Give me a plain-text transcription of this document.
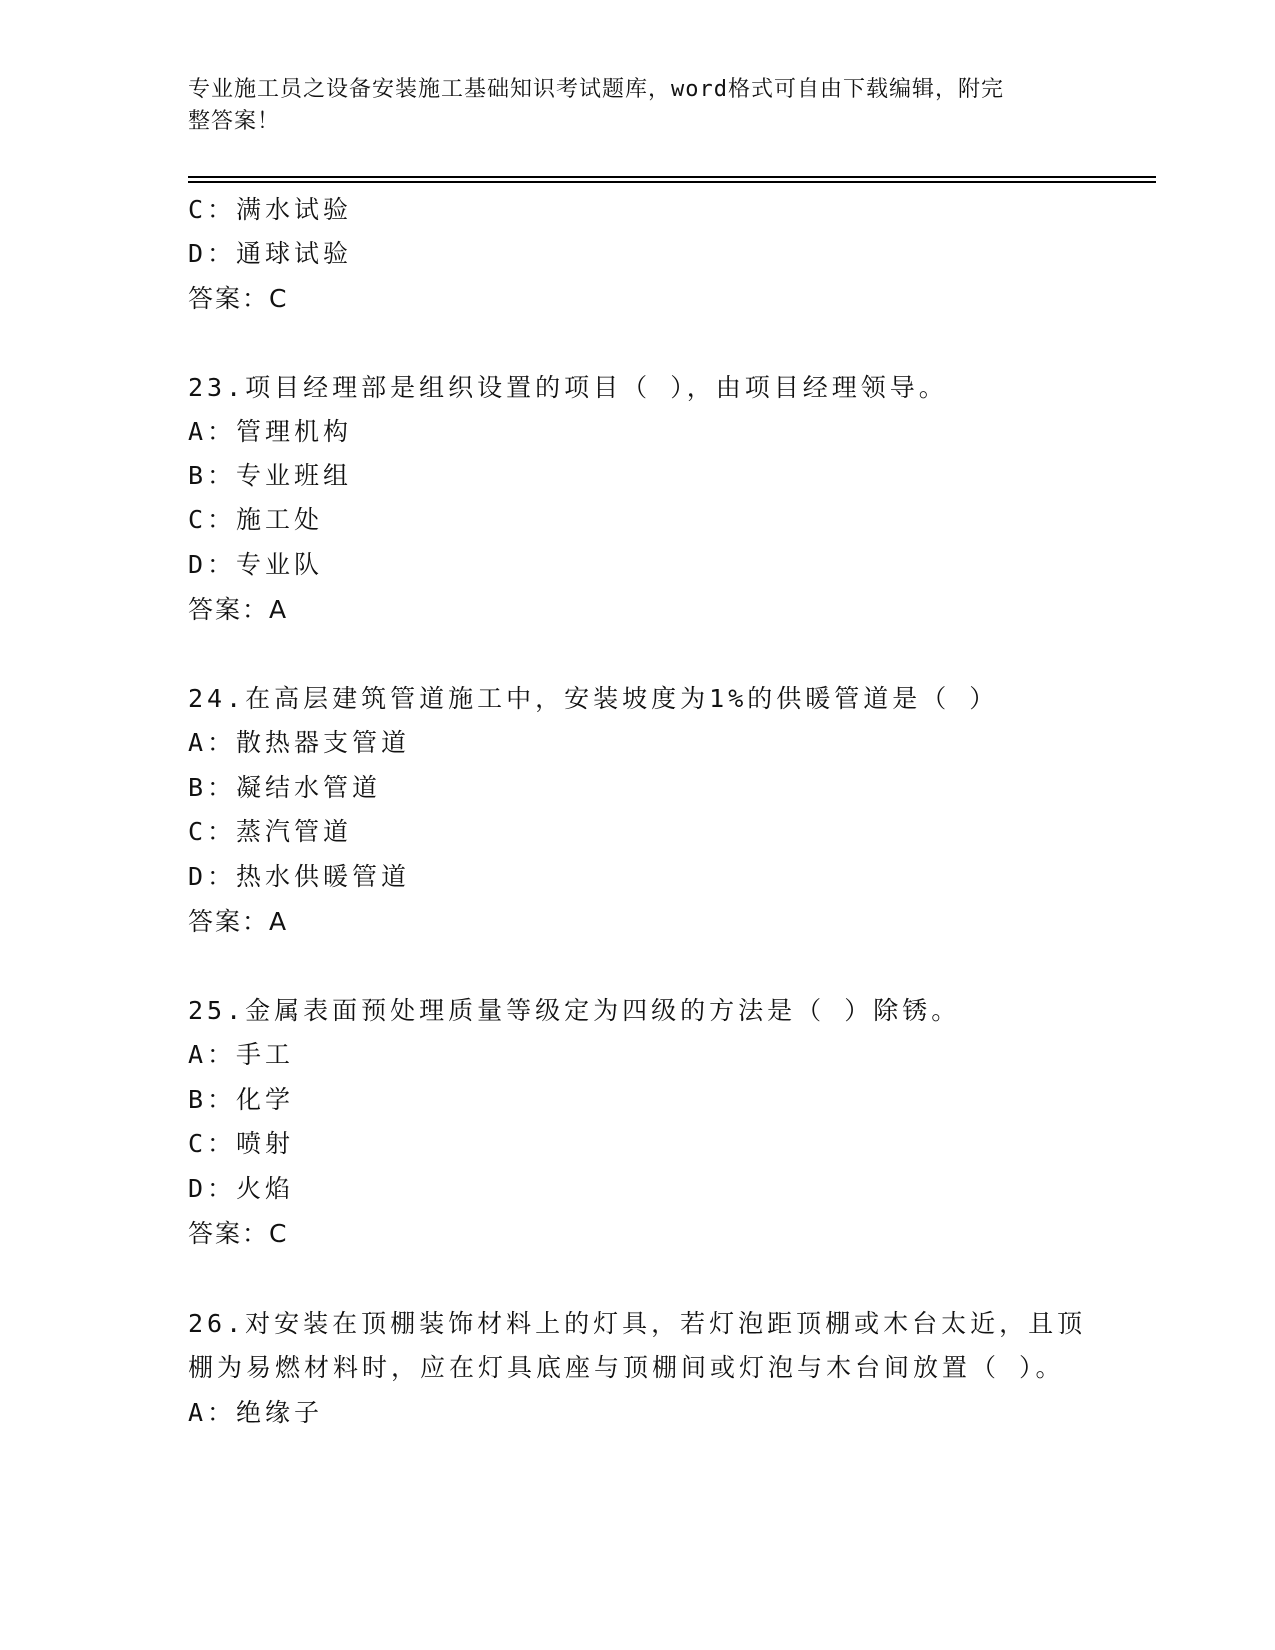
专业施工员之设备安装施工基础知识考试题库，word格式可自由下载编辑，附完
整答案！
C：满水试验
D：通球试验
答案：C
23.项目经理部是组织设置的项目（ ），由项目经理领导。
A：管理机构
B：专业班组
C：施工处
D：专业队
答案：A
24.在高层建筑管道施工中，安装坡度为1%的供暖管道是（ ）
A：散热器支管道
B：凝结水管道
C：蒸汽管道
D：热水供暖管道
答案：A
25.金属表面预处理质量等级定为四级的方法是（ ）除锈。
A：手工
B：化学
C：喷射
D：火焰
答案：C
26.对安装在顶棚装饰材料上的灯具，若灯泡距顶棚或木台太近，且顶
棚为易燃材料时，应在灯具底座与顶棚间或灯泡与木台间放置（ ）。
A：绝缘子
